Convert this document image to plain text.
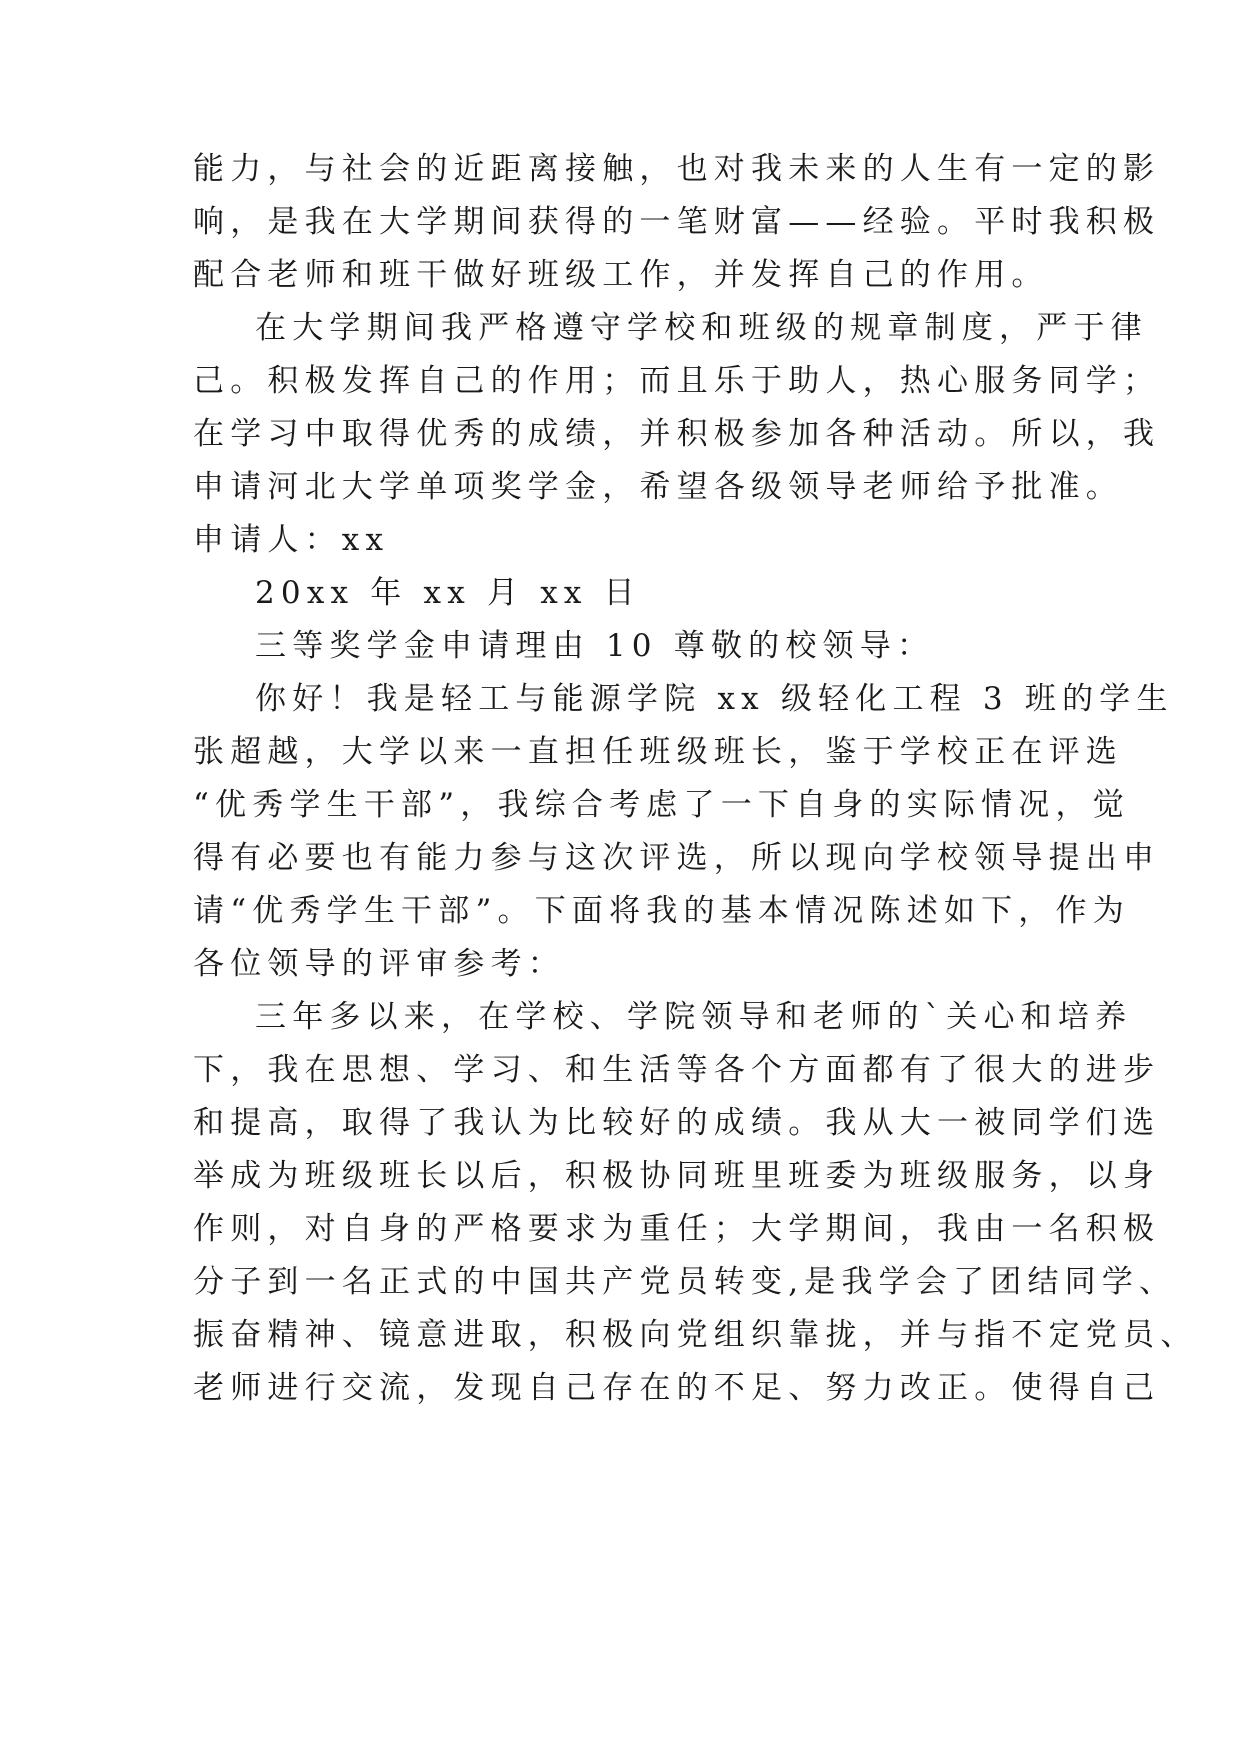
能力，与社会的近距离接触，也对我未来的人生有一定的影
响，是我在大学期间获得的一笔财富——经验。平时我积极
配合老师和班干做好班级工作，并发挥自己的作用。
在大学期间我严格遵守学校和班级的规章制度，严于律
己。积极发挥自己的作用；而且乐于助人，热心服务同学；
在学习中取得优秀的成绩，并积极参加各种活动。所以，我
申请河北大学单项奖学金，希望各级领导老师给予批准。
申请人：xx
20xx 年 xx 月 xx 日
三等奖学金申请理由 10 尊敬的校领导：
你好！我是轻工与能源学院 xx 级轻化工程 3 班的学生
张超越，大学以来一直担任班级班长，鉴于学校正在评选
“优秀学生干部”，我综合考虑了一下自身的实际情况，觉
得有必要也有能力参与这次评选，所以现向学校领导提出申
请“优秀学生干部”。下面将我的基本情况陈述如下，作为
各位领导的评审参考：
三年多以来，在学校、学院领导和老师的`关心和培养
下，我在思想、学习、和生活等各个方面都有了很大的进步
和提高，取得了我认为比较好的成绩。我从大一被同学们选
举成为班级班长以后，积极协同班里班委为班级服务，以身
作则，对自身的严格要求为重任；大学期间，我由一名积极
分子到一名正式的中国共产党员转变,是我学会了团结同学、
振奋精神、镜意进取，积极向党组织靠拢，并与指不定党员、
老师进行交流，发现自己存在的不足、努力改正。使得自己
